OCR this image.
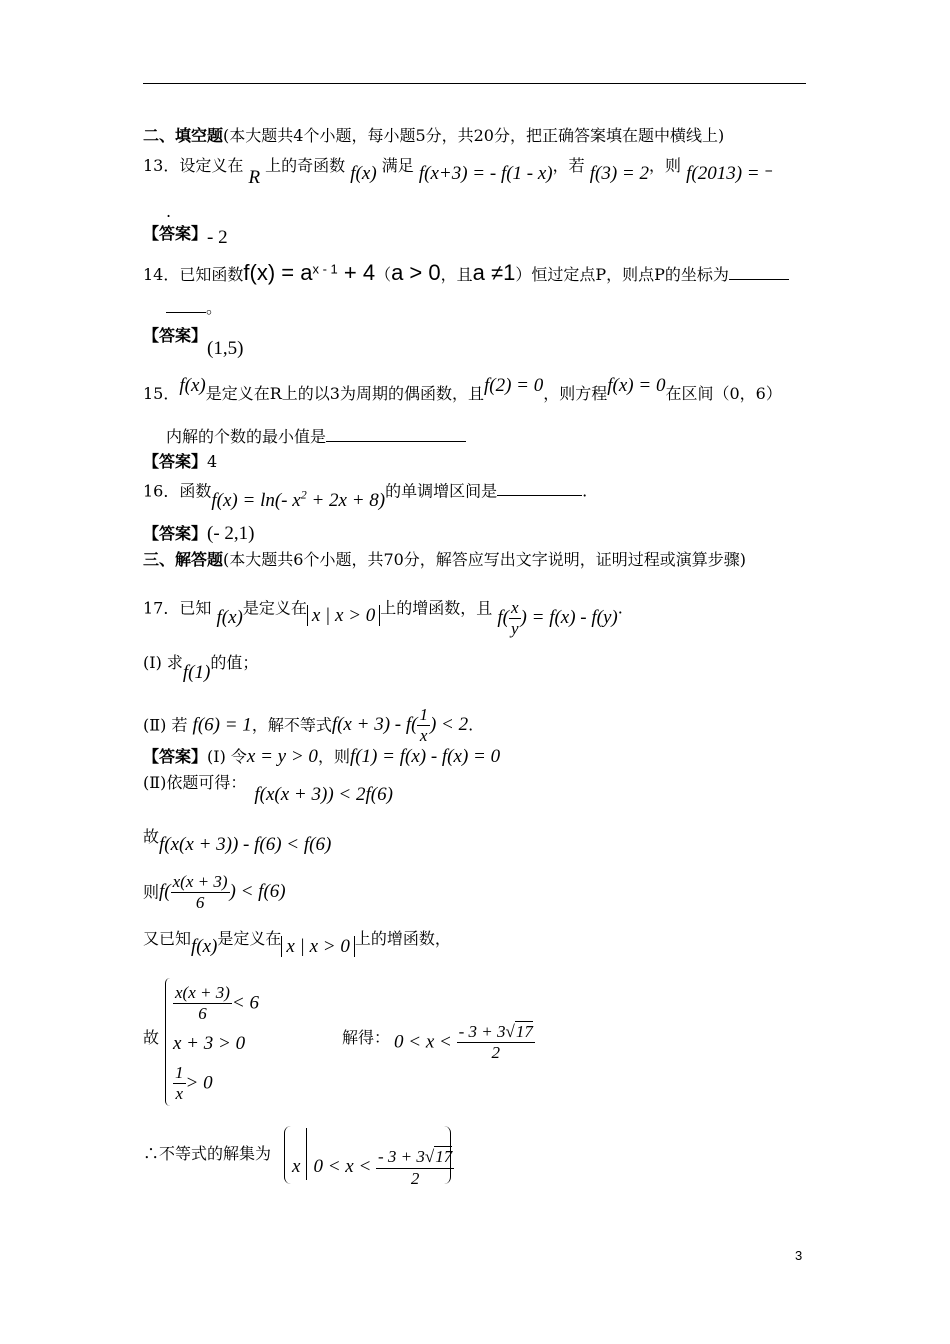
二、填空题(本大题共4个小题，每小题5分，共20分，把正确答案填在题中横线上)
13．设定义在 R 上的奇函数 f(x) 满足 f(x+3) = - f(1 - x)，若 f(3) = 2，则 f(2013) = –
.
【答案】- 2
14．已知函数$f(x) = a^{x - 1} + 4(a > 0$，且a ≠1）恒过定点P，则点P的坐标为
。
【答案】(1,5)
15．f(x)是定义在R上的以3为周期的偶函数，且f(2) = 0，则方程f(x) = 0在区间（0，6）
内解的个数的最小值是
【答案】4
16．函数f(x) = ln(- $x^2 + 2x + 8$)的单调增区间是	.
【答案】(- 2,1)
三、解答题(本大题共6个小题，共70分，解答应写出文字说明，证明过程或演算步骤)
17．已知 f(x)是定义在 x | x > 0 上的增函数，且 $f( \frac{x}{y}$ ) = f(x) - f(y).
(Ⅰ) 求f(1)的值；
(Ⅱ) 若 f(6) = 1，解不等式$f(x + 3) - f( \frac{1}{x}$ ) < 2.
【答案】(Ⅰ) 令x = y > 0，则f(1) = f(x) - f(x) = 0
(Ⅱ)依题可得：f(x(x + 3)) < 2f(6)
故f(x(x + 3)) - f(6) < f(6)
则$f( \frac{x(x + 3)}{6}$ ) < f(6)
又已知f(x)是定义在 x | x > 0 上的增函数，
故
$\frac{x(x + 3)}{6} < 6$
x + 3 > 0
$\frac{1}{x} > 0$
解得： $0 < x < \frac{- 3 + 3√17}{2}$
∴不等式的解集为
x $0 < x < \frac{- 3 + 3√17}{2}$
3
